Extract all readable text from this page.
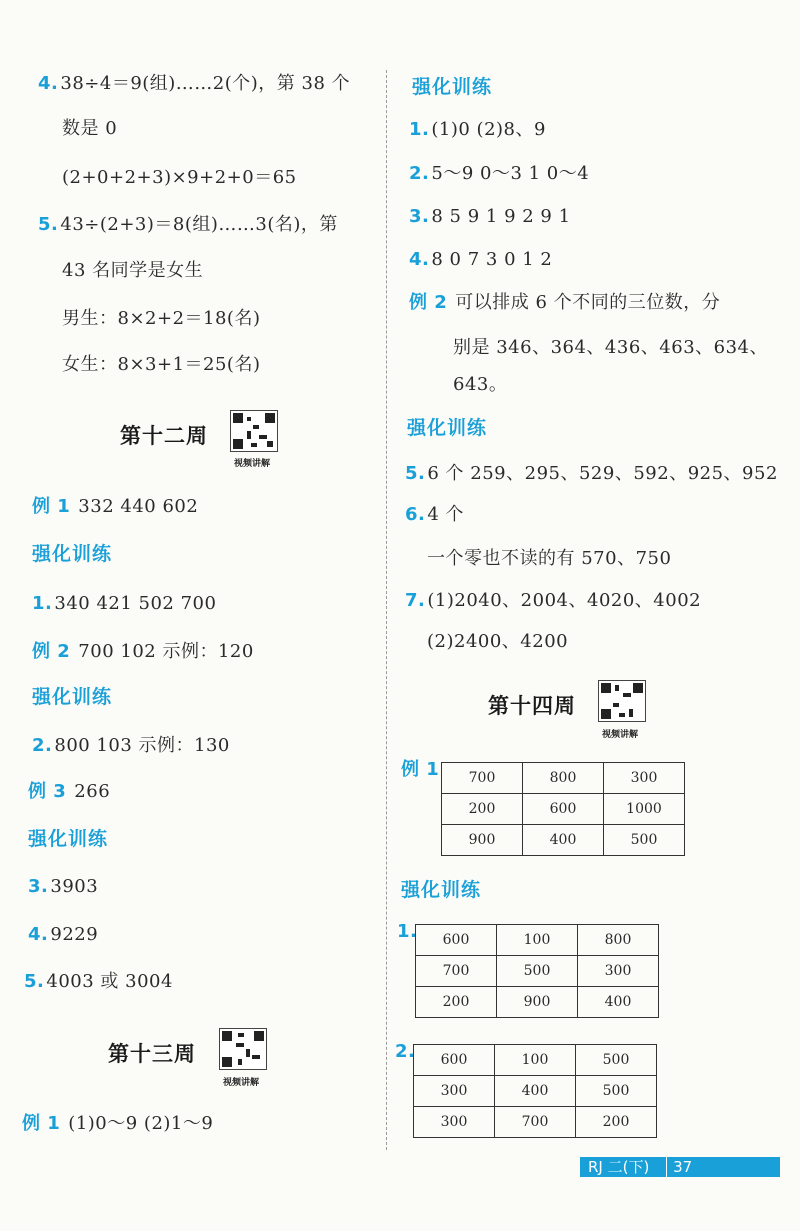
4. 38÷4＝9(组)……2(个)，第 38 个
数是 0
(2+0+2+3)×9+2+0＝65
5. 43÷(2+3)＝8(组)……3(名)，第
43 名同学是女生
男生：8×2+2＝18(名)
女生：8×3+1＝25(名)
第十二周
视频讲解
例 1 332 440 602
强化训练
1. 340 421 502 700
例 2 700 102 示例：120
强化训练
2. 800 103 示例：130
例 3 266
强化训练
3. 3903
4. 9229
5. 4003 或 3004
第十三周
视频讲解
例 1 (1)0～9 (2)1～9
强化训练
1. (1)0 (2)8、9
2. 5～9 0～3 1 0～4
3. 8 5 9 1 9 2 9 1
4. 8 0 7 3 0 1 2
例 2 可以排成 6 个不同的三位数，分
别是 346、364、436、463、634、
643。
强化训练
5. 6 个 259、295、529、592、925、952
6. 4 个
一个零也不读的有 570、750
7. (1)2040、2004、4020、4002
(2)2400、4200
第十四周
视频讲解
例 1	700	800	300
200	600	1000
900	400	500
强化训练
1. 600	100	800
700	500	300
200	900	400
2. 600	100	500
300	400	500
300	700	200
RJ 二(下) 37
